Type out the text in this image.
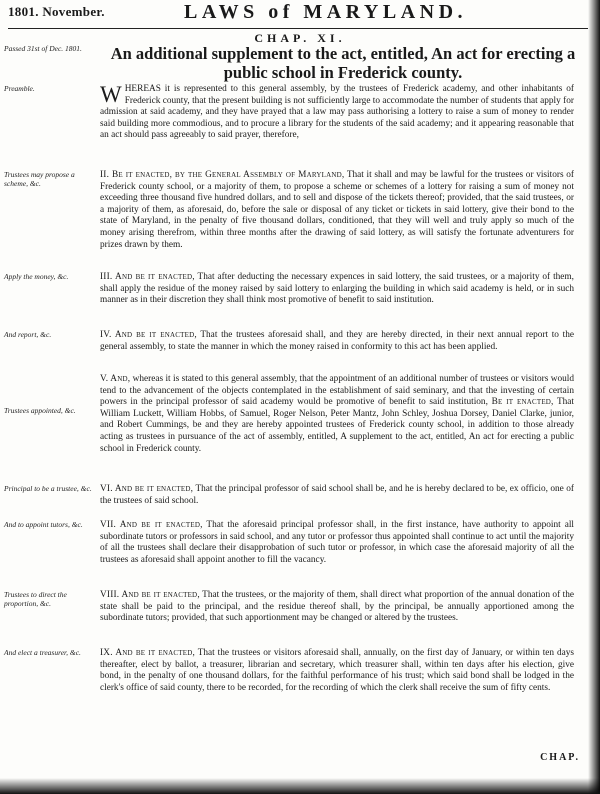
1801. November.	LAWS of MARYLAND.
CHAP. XI.
An additional supplement to the act, entitled, An act for erecting a public school in Frederick county.
Passed 31st of Dec. 1801.
Preamble.
Trustees may propose a scheme, &c.
Apply the money, &c.
And report, &c.
Trustees appointed, &c.
Principal to be a trustee, &c.
And to appoint tutors, &c.
Trustees to direct the proportion, &c.
And elect a treasurer, &c.
WHEREAS it is represented to this general assembly, by the trustees of Frederick academy, and other inhabitants of Frederick county, that the present building is not sufficiently large to accommodate the number of students that apply for admission at said academy, and they have prayed that a law may pass authorising a lottery to raise a sum of money to render said building more commodious, and to procure a library for the students of the said academy; and it appearing reasonable that an act should pass agreeably to said prayer, therefore,
II. Be it enacted, by the General Assembly of Maryland, That it shall and may be lawful for the trustees or visitors of Frederick county school, or a majority of them, to propose a scheme or schemes of a lottery for raising a sum of money not exceeding three thousand five hundred dollars, and to sell and dispose of the tickets thereof; provided, that the said trustees, or a majority of them, as aforesaid, do, before the sale or disposal of any ticket or tickets in said lottery, give their bond to the state of Maryland, in the penalty of five thousand dollars, conditioned, that they will well and truly apply so much of the money arising therefrom, within three months after the drawing of said lottery, as will satisfy the fortunate adventurers for prizes drawn by them.
III. And be it enacted, That after deducting the necessary expences in said lottery, the said trustees, or a majority of them, shall apply the residue of the money raised by said lottery to enlarging the building in which said academy is held, or in such manner as in their discretion they shall think most promotive of benefit to said institution.
IV. And be it enacted, That the trustees aforesaid shall, and they are hereby directed, in their next annual report to the general assembly, to state the manner in which the money raised in conformity to this act has been applied.
V. And, whereas it is stated to this general assembly, that the appointment of an additional number of trustees or visitors would tend to the advancement of the objects contemplated in the establishment of said seminary, and that the investing of certain powers in the principal professor of said academy would be promotive of benefit to said institution, Be it enacted, That William Luckett, William Hobbs, of Samuel, Roger Nelson, Peter Mantz, John Schley, Joshua Dorsey, Daniel Clarke, junior, and Robert Cummings, be and they are hereby appointed trustees of Frederick county school, in addition to those already acting as trustees in pursuance of the act of assembly, entitled, A supplement to the act, entitled, An act for erecting a public school in Frederick county.
VI. And be it enacted, That the principal professor of said school shall be, and he is hereby declared to be, ex officio, one of the trustees of said school.
VII. And be it enacted, That the aforesaid principal professor shall, in the first instance, have authority to appoint all subordinate tutors or professors in said school, and any tutor or professor thus appointed shall continue to act until the majority of all the trustees shall declare their disapprobation of such tutor or professor, in which case the aforesaid majority of all the trustees as aforesaid shall appoint another to fill the vacancy.
VIII. And be it enacted, That the trustees, or the majority of them, shall direct what proportion of the annual donation of the state shall be paid to the principal, and the residue thereof shall, by the principal, be annually apportioned among the subordinate tutors; provided, that such apportionment may be changed or altered by the trustees.
IX. And be it enacted, That the trustees or visitors aforesaid shall, annually, on the first day of January, or within ten days thereafter, elect by ballot, a treasurer, librarian and secretary, which treasurer shall, within ten days after his election, give bond, in the penalty of one thousand dollars, for the faithful performance of his trust; which said bond shall be lodged in the clerk's office of said county, there to be recorded, for the recording of which the clerk shall receive the sum of fifty cents.
CHAP.
